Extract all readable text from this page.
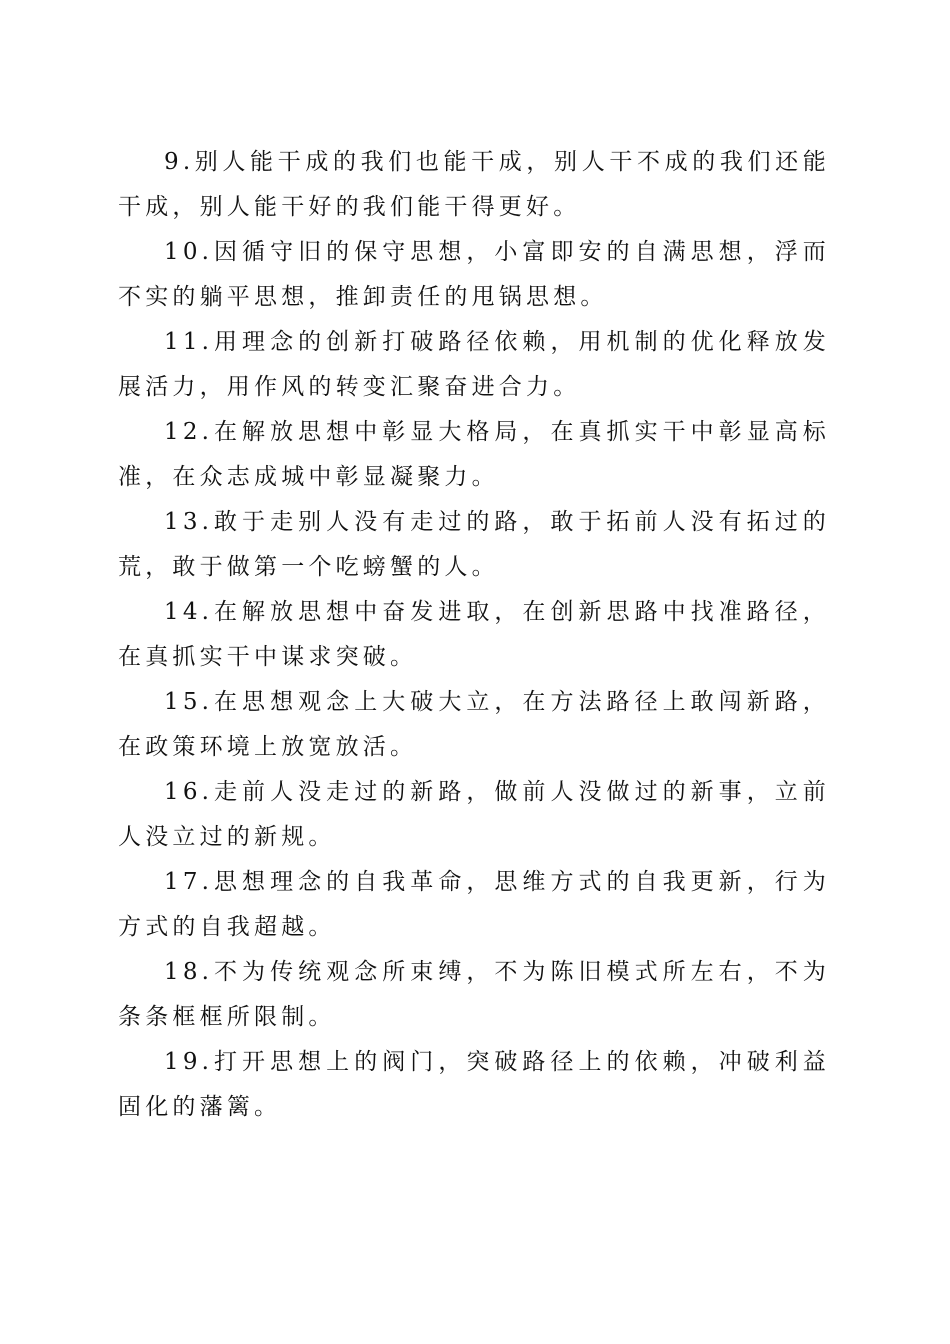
9.别人能干成的我们也能干成，别人干不成的我们还能干成，别人能干好的我们能干得更好。

10.因循守旧的保守思想，小富即安的自满思想，浮而不实的躺平思想，推卸责任的甩锅思想。

11.用理念的创新打破路径依赖，用机制的优化释放发展活力，用作风的转变汇聚奋进合力。

12.在解放思想中彰显大格局，在真抓实干中彰显高标准，在众志成城中彰显凝聚力。

13.敢于走别人没有走过的路，敢于拓前人没有拓过的荒，敢于做第一个吃螃蟹的人。

14.在解放思想中奋发进取，在创新思路中找准路径，在真抓实干中谋求突破。

15.在思想观念上大破大立，在方法路径上敢闯新路，在政策环境上放宽放活。

16.走前人没走过的新路，做前人没做过的新事，立前人没立过的新规。

17.思想理念的自我革命，思维方式的自我更新，行为方式的自我超越。

18.不为传统观念所束缚，不为陈旧模式所左右，不为条条框框所限制。

19.打开思想上的阀门，突破路径上的依赖，冲破利益固化的藩篱。
